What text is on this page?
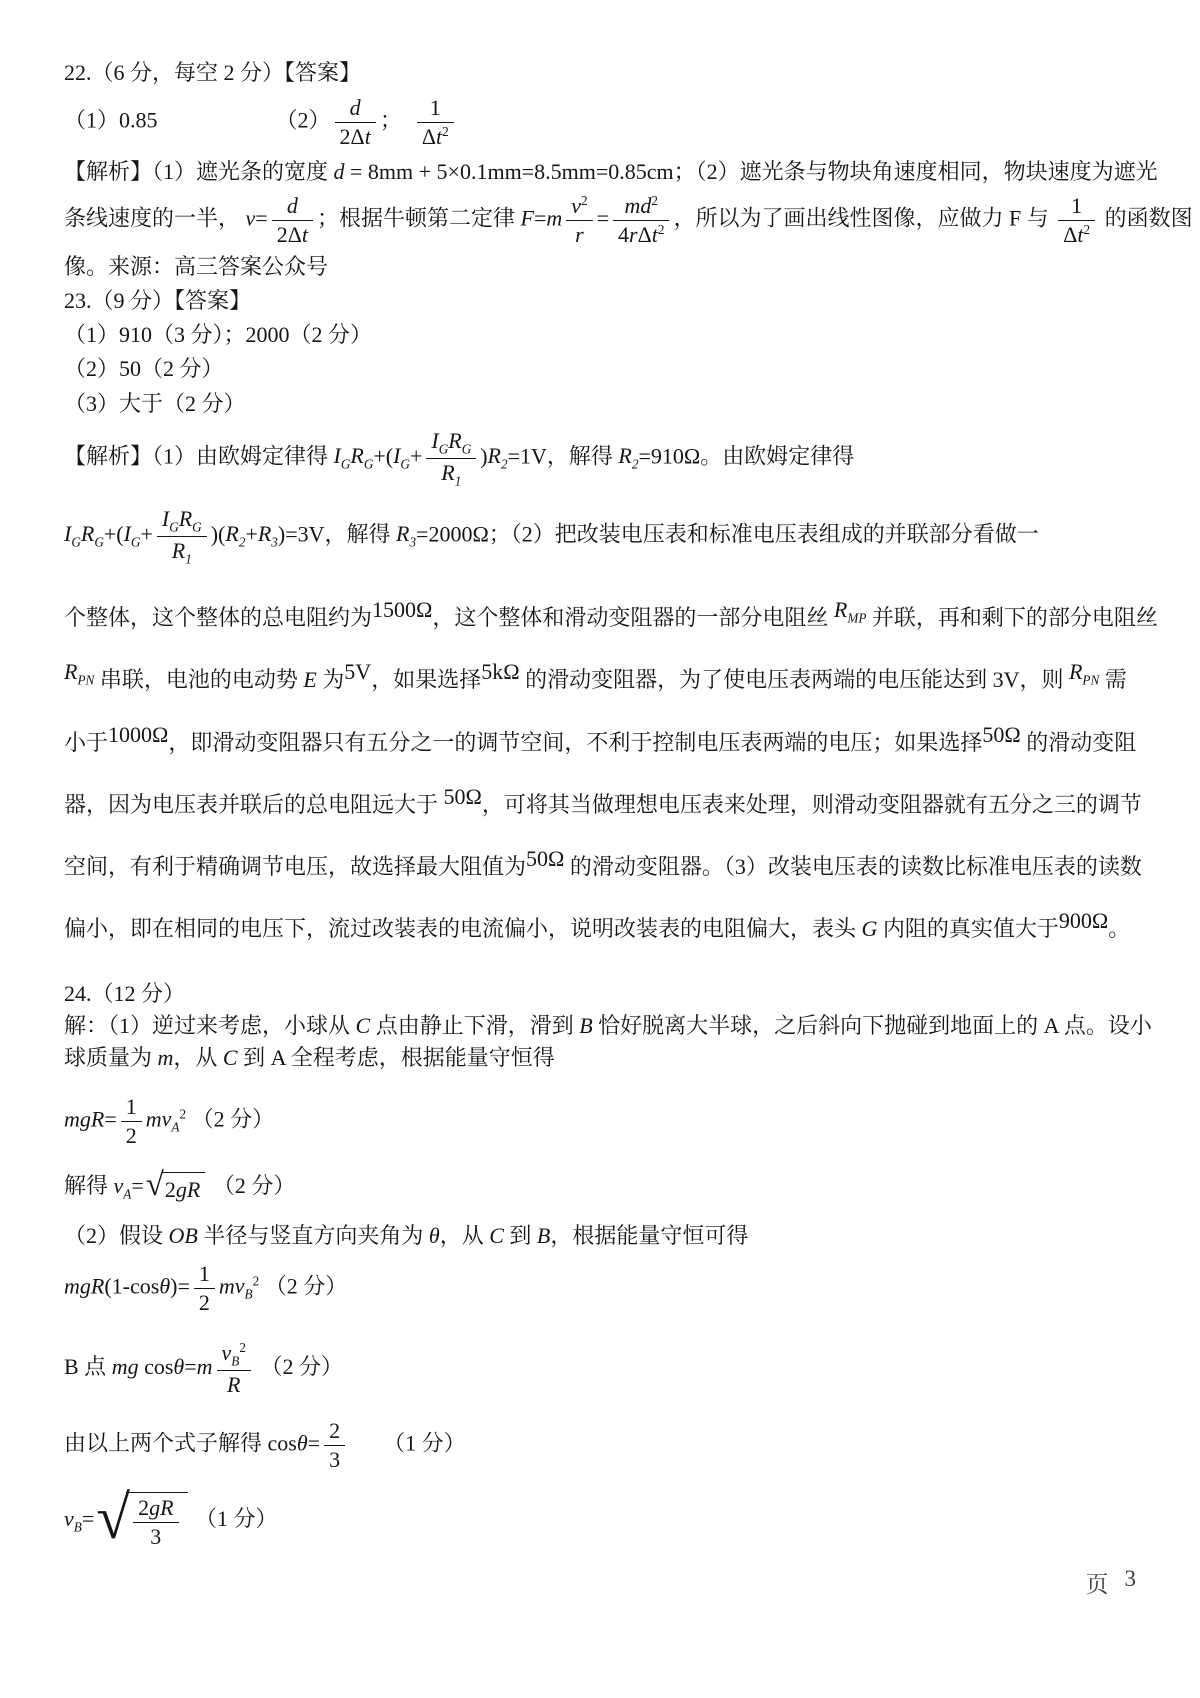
22.（6 分，每空 2 分）【答案】
（1）0.85	$(2) \frac{d}{2\Delta t}$ ； $\frac{1}{\Delta t^2}$
【解析】（1）遮光条的宽度 d = 8mm + 5×0.1mm=8.5mm=0.85cm；（2）遮光条与物块角速度相同，物块速度为遮光
条线速度的一半， $v= \frac{d}{2\Delta t}$ ；根据牛顿第二定律 $F=m \frac{v^2}{r} = \frac{md^2}{4r\Delta t^2}$ ，所以为了画出线性图像，应做力 F 与 $\frac{1}{\Delta t^2}$ 的函数图
像。来源：高三答案公众号
23.（9 分）【答案】
（1）910（3 分）；2000（2 分）
（2）50（2 分）
（3）大于（2 分）
【解析】（1）由欧姆定律得 $I_GR_G+(I_G+ \frac{I_GR_G}{R_1} )R_2=1V$，解得 $R_2=910\Omega$。由欧姆定律得
$I_GR_G+(I_G+ \frac{I_GR_G}{R_1} )(R_2+R_3)=3V$，解得 $R_3=2000\Omega$；（2）把改装电压表和标准电压表组成的并联部分看做一
个整体，这个整体的总电阻约为1500Ω，这个整体和滑动变阻器的一部分电阻丝 $R_{MP}$ 并联，再和剩下的部分电阻丝
$R_{PN}$ 串联，电池的电动势 E 为5V，如果选择5kΩ 的滑动变阻器，为了使电压表两端的电压能达到 3V，则 $R_{PN}$ 需
小于1000Ω，即滑动变阻器只有五分之一的调节空间，不利于控制电压表两端的电压；如果选择50Ω 的滑动变阻
器，因为电压表并联后的总电阻远大于 50Ω，可将其当做理想电压表来处理，则滑动变阻器就有五分之三的调节
空间，有利于精确调节电压，故选择最大阻值为50Ω 的滑动变阻器。（3）改装电压表的读数比标准电压表的读数
偏小，即在相同的电压下，流过改装表的电流偏小，说明改装表的电阻偏大，表头 G 内阻的真实值大于900Ω。
24.（12 分）
解：（1）逆过来考虑，小球从 C 点由静止下滑，滑到 B 恰好脱离大半球，之后斜向下抛碰到地面上的 A 点。设小
球质量为 m，从 C 到 A 全程考虑，根据能量守恒得
$mgR= \frac{1}{2} mv_A^2$ （2 分）
解得 $v_A=√2gR$ （2 分）
（2）假设 OB 半径与竖直方向夹角为 θ，从 C 到 B，根据能量守恒可得
$mgR(1-\cos\theta)= \frac{1}{2} mv_B^2$ （2 分）
B 点 mg $\cos\theta=m \frac{v_B^2}{R} (2$ 分）
由以上两个式子解得 $\cos\theta= \frac{2}{3} (1$ 分）
$v_B=√ \frac{2gR}{3} (1$ 分）
页 3
